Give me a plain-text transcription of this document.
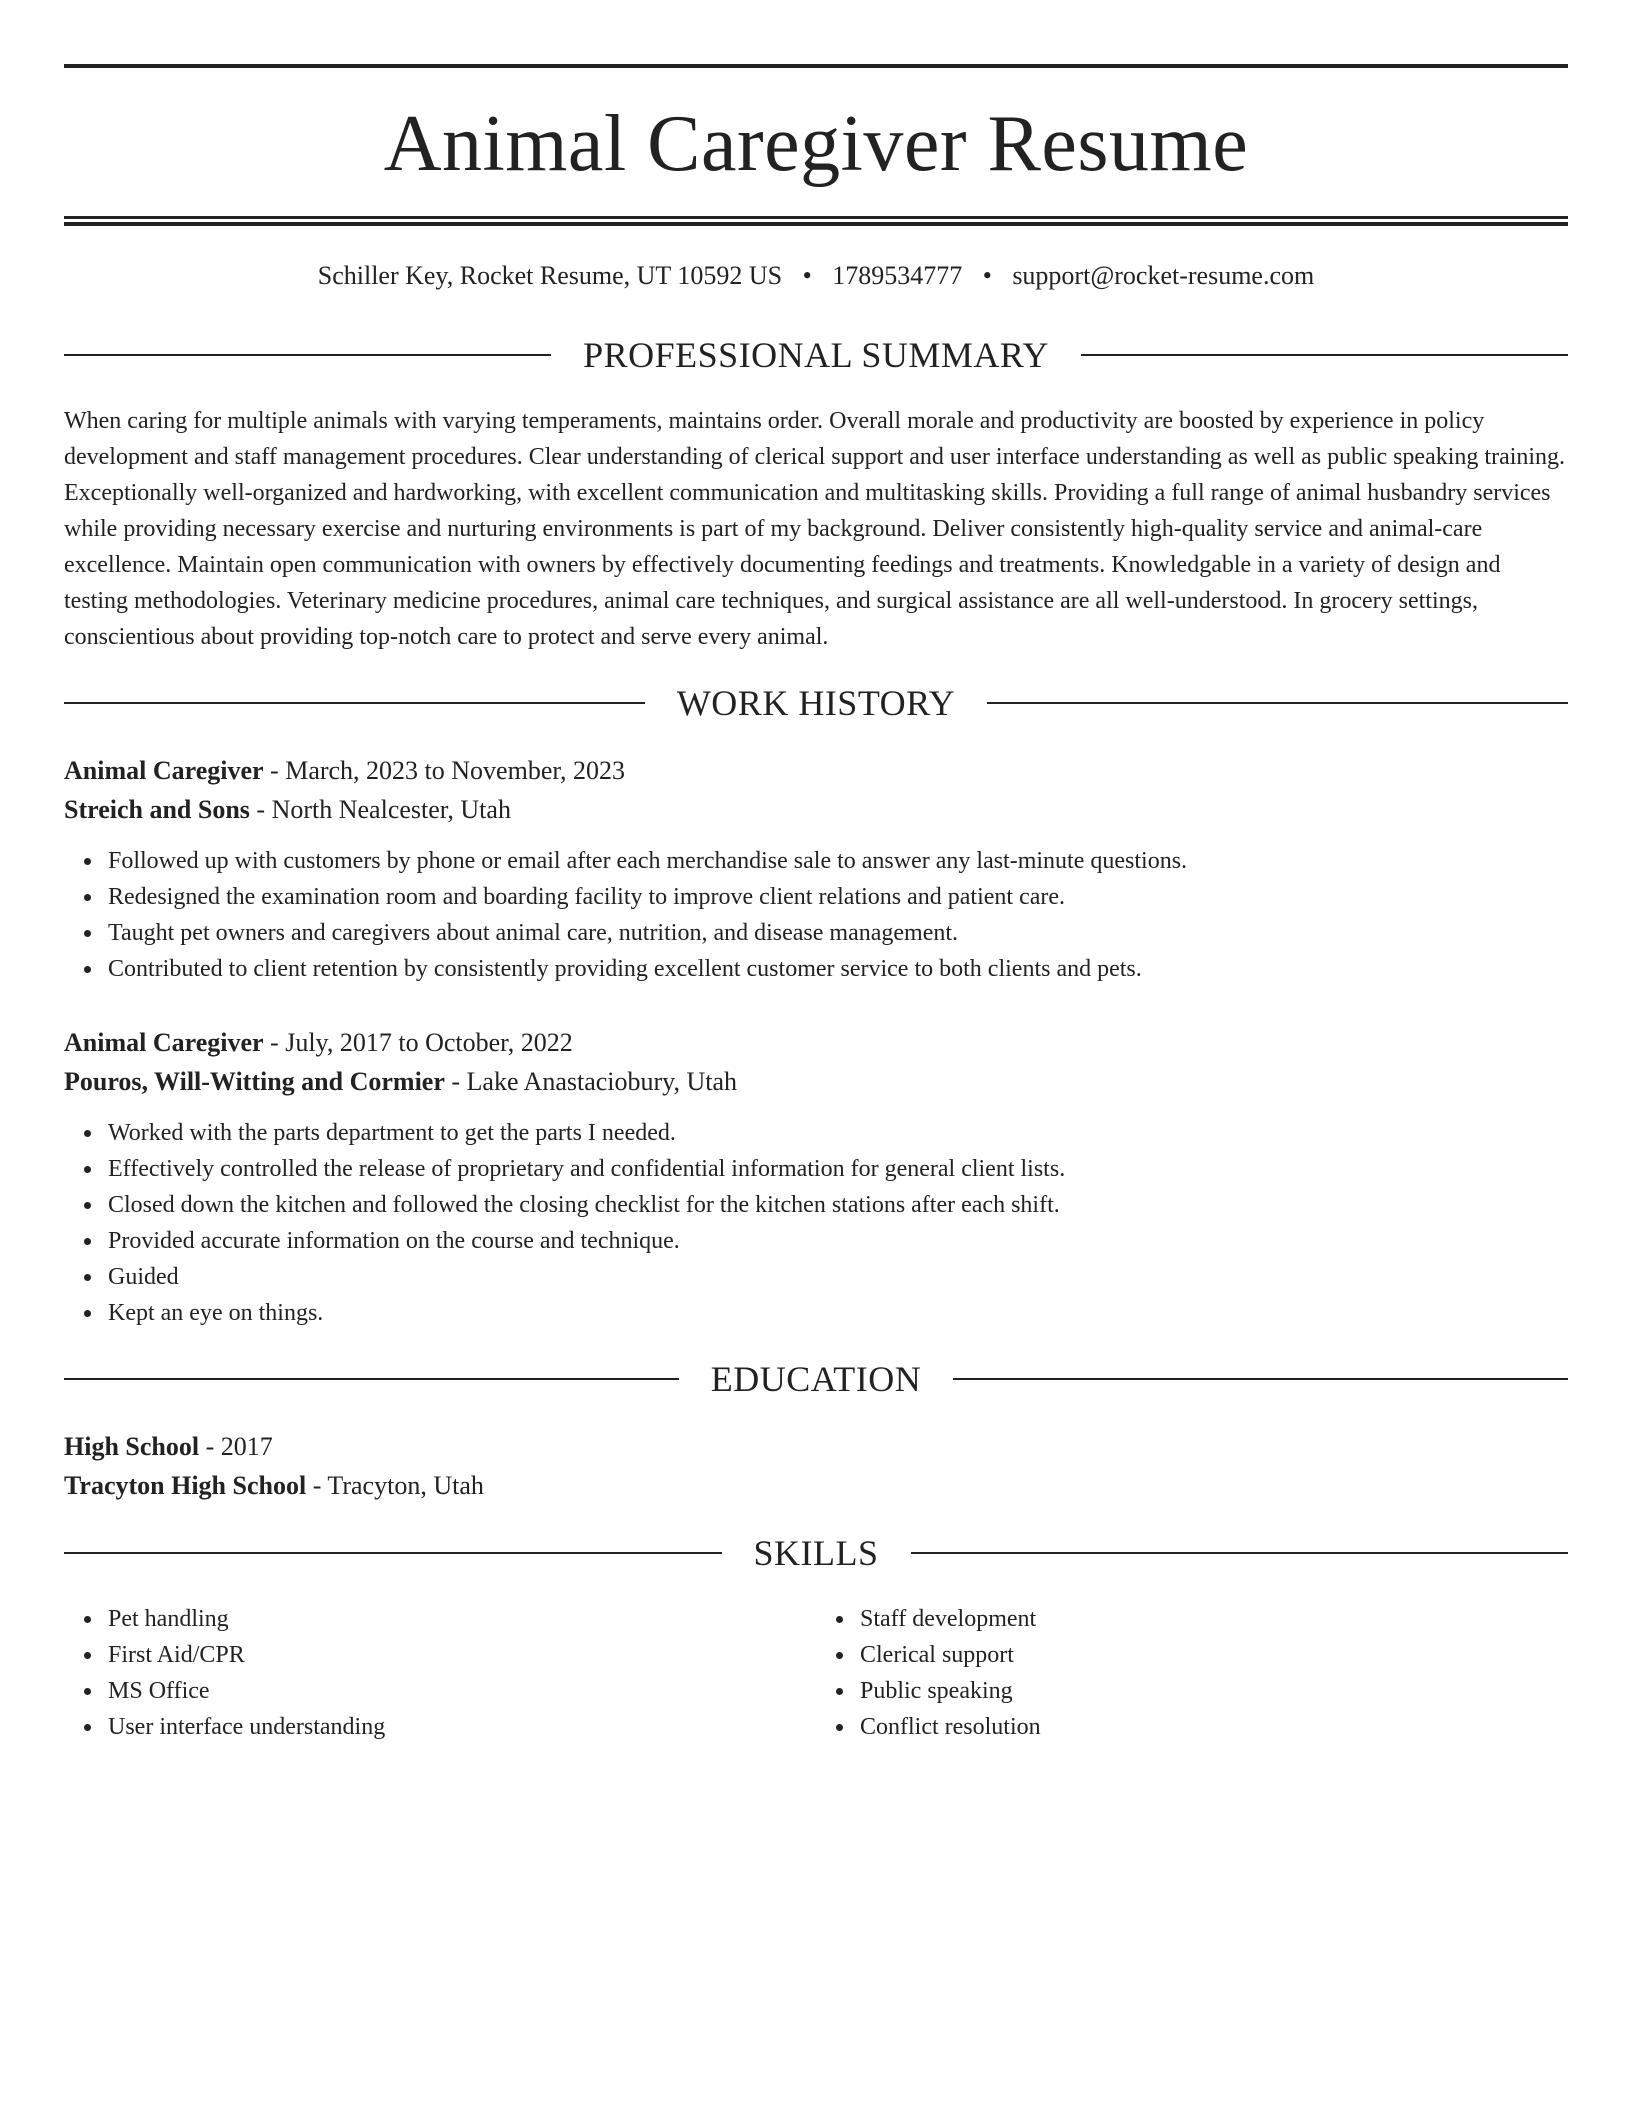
Animal Caregiver Resume
Schiller Key, Rocket Resume, UT 10592 US • 1789534777 • support@rocket-resume.com
PROFESSIONAL SUMMARY
When caring for multiple animals with varying temperaments, maintains order. Overall morale and productivity are boosted by experience in policy development and staff management procedures. Clear understanding of clerical support and user interface understanding as well as public speaking training. Exceptionally well-organized and hardworking, with excellent communication and multitasking skills. Providing a full range of animal husbandry services while providing necessary exercise and nurturing environments is part of my background. Deliver consistently high-quality service and animal-care excellence. Maintain open communication with owners by effectively documenting feedings and treatments. Knowledgable in a variety of design and testing methodologies. Veterinary medicine procedures, animal care techniques, and surgical assistance are all well-understood. In grocery settings, conscientious about providing top-notch care to protect and serve every animal.
WORK HISTORY
Animal Caregiver - March, 2023 to November, 2023
Streich and Sons - North Nealcester, Utah
Followed up with customers by phone or email after each merchandise sale to answer any last-minute questions.
Redesigned the examination room and boarding facility to improve client relations and patient care.
Taught pet owners and caregivers about animal care, nutrition, and disease management.
Contributed to client retention by consistently providing excellent customer service to both clients and pets.
Animal Caregiver - July, 2017 to October, 2022
Pouros, Will-Witting and Cormier - Lake Anastaciobury, Utah
Worked with the parts department to get the parts I needed.
Effectively controlled the release of proprietary and confidential information for general client lists.
Closed down the kitchen and followed the closing checklist for the kitchen stations after each shift.
Provided accurate information on the course and technique.
Guided
Kept an eye on things.
EDUCATION
High School - 2017
Tracyton High School - Tracyton, Utah
SKILLS
Pet handling
First Aid/CPR
MS Office
User interface understanding
Staff development
Clerical support
Public speaking
Conflict resolution
